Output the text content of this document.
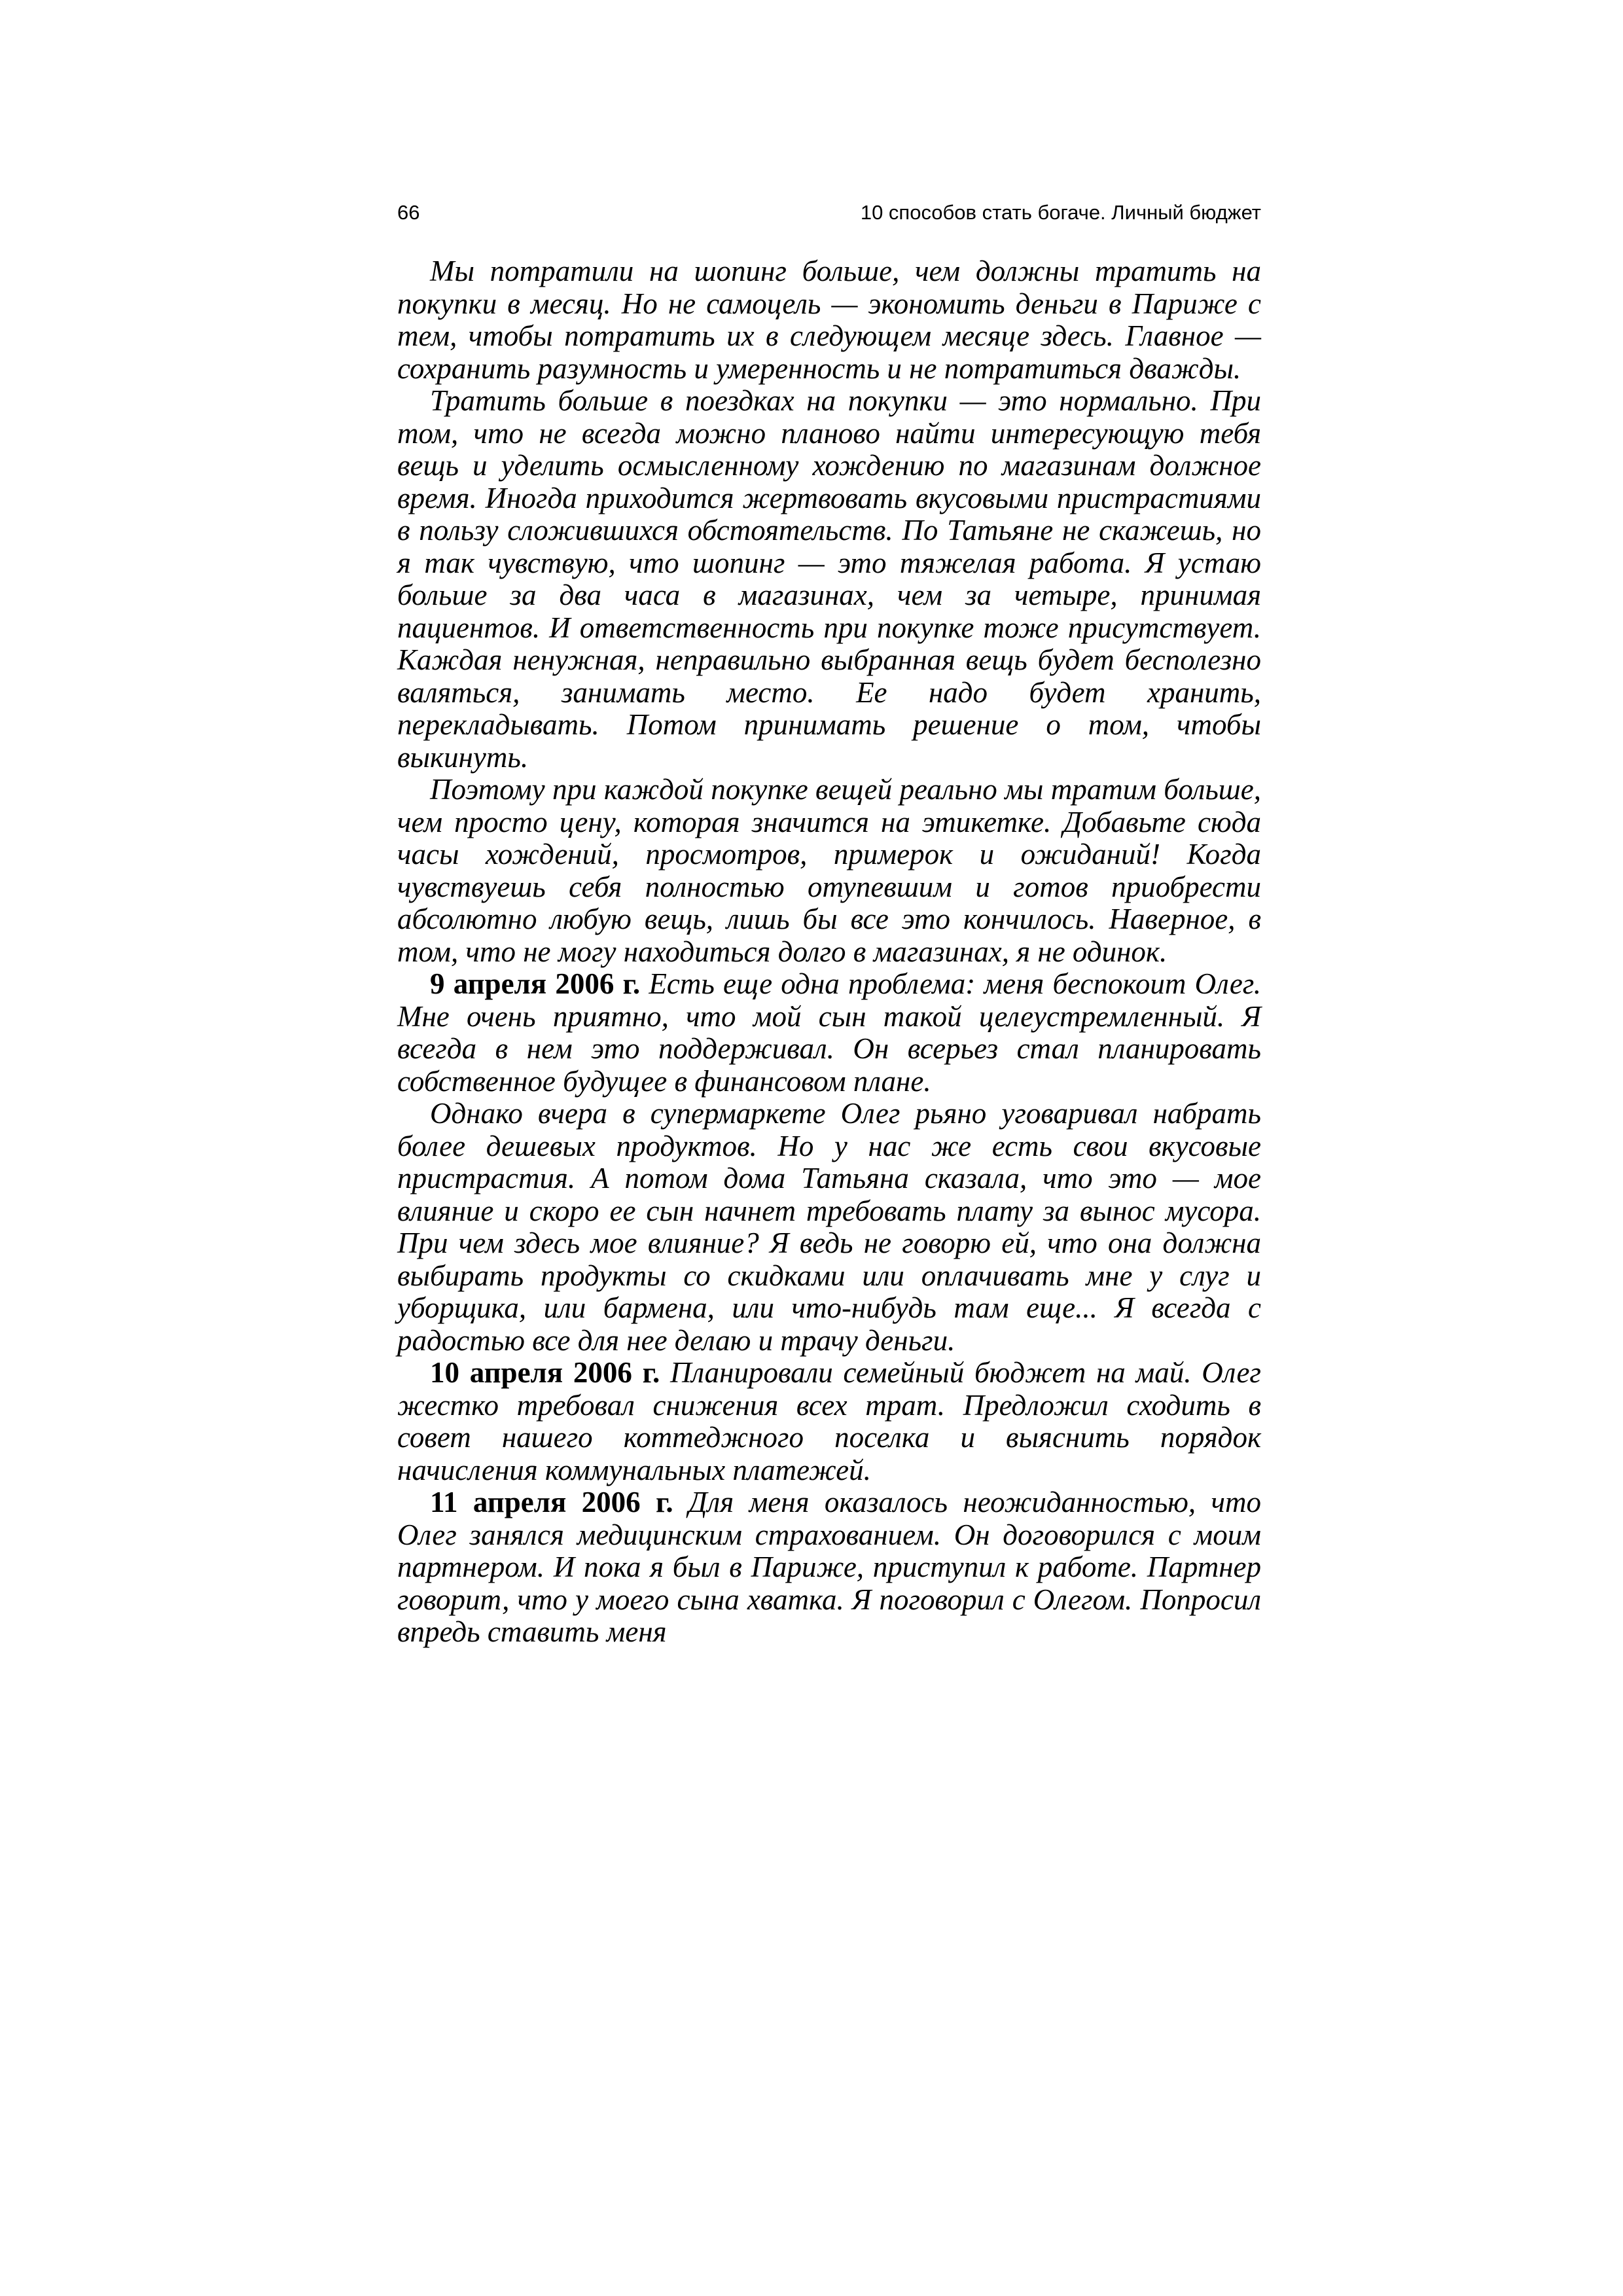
66	10 способов стать богаче. Личный бюджет

Мы потратили на шопинг больше, чем должны тратить на покупки в месяц. Но не самоцель — экономить деньги в Париже с тем, чтобы потратить их в следующем месяце здесь. Главное — сохранить разумность и умеренность и не потратиться дважды.

Тратить больше в поездках на покупки — это нормально. При том, что не всегда можно планово найти интересующую тебя вещь и уделить осмысленному хождению по магазинам должное время. Иногда приходится жертвовать вкусовыми пристрастиями в пользу сложившихся обстоятельств. По Татьяне не скажешь, но я так чувствую, что шопинг — это тяжелая работа. Я устаю больше за два часа в магазинах, чем за четыре, принимая пациентов. И ответственность при покупке тоже присутствует. Каждая ненужная, неправильно выбранная вещь будет бесполезно валяться, занимать место. Ее надо будет хранить, перекладывать. Потом принимать решение о том, чтобы выкинуть.

Поэтому при каждой покупке вещей реально мы тратим больше, чем просто цену, которая значится на этикетке. Добавьте сюда часы хождений, просмотров, примерок и ожиданий! Когда чувствуешь себя полностью отупевшим и готов приобрести абсолютно любую вещь, лишь бы все это кончилось. Наверное, в том, что не могу находиться долго в магазинах, я не одинок.

9 апреля 2006 г. Есть еще одна проблема: меня беспокоит Олег. Мне очень приятно, что мой сын такой целеустремленный. Я всегда в нем это поддерживал. Он всерьез стал планировать собственное будущее в финансовом плане.

Однако вчера в супермаркете Олег рьяно уговаривал набрать более дешевых продуктов. Но у нас же есть свои вкусовые пристрастия. А потом дома Татьяна сказала, что это — мое влияние и скоро ее сын начнет требовать плату за вынос мусора. При чем здесь мое влияние? Я ведь не говорю ей, что она должна выбирать продукты со скидками или оплачивать мне у слуг и уборщика, или бармена, или что-нибудь там еще... Я всегда с радостью все для нее делаю и трачу деньги.

10 апреля 2006 г. Планировали семейный бюджет на май. Олег жестко требовал снижения всех трат. Предложил сходить в совет нашего коттеджного поселка и выяснить порядок начисления коммунальных платежей.

11 апреля 2006 г. Для меня оказалось неожиданностью, что Олег занялся медицинским страхованием. Он договорился с моим партнером. И пока я был в Париже, приступил к работе. Партнер говорит, что у моего сына хватка. Я поговорил с Олегом. Попросил впредь ставить меня
